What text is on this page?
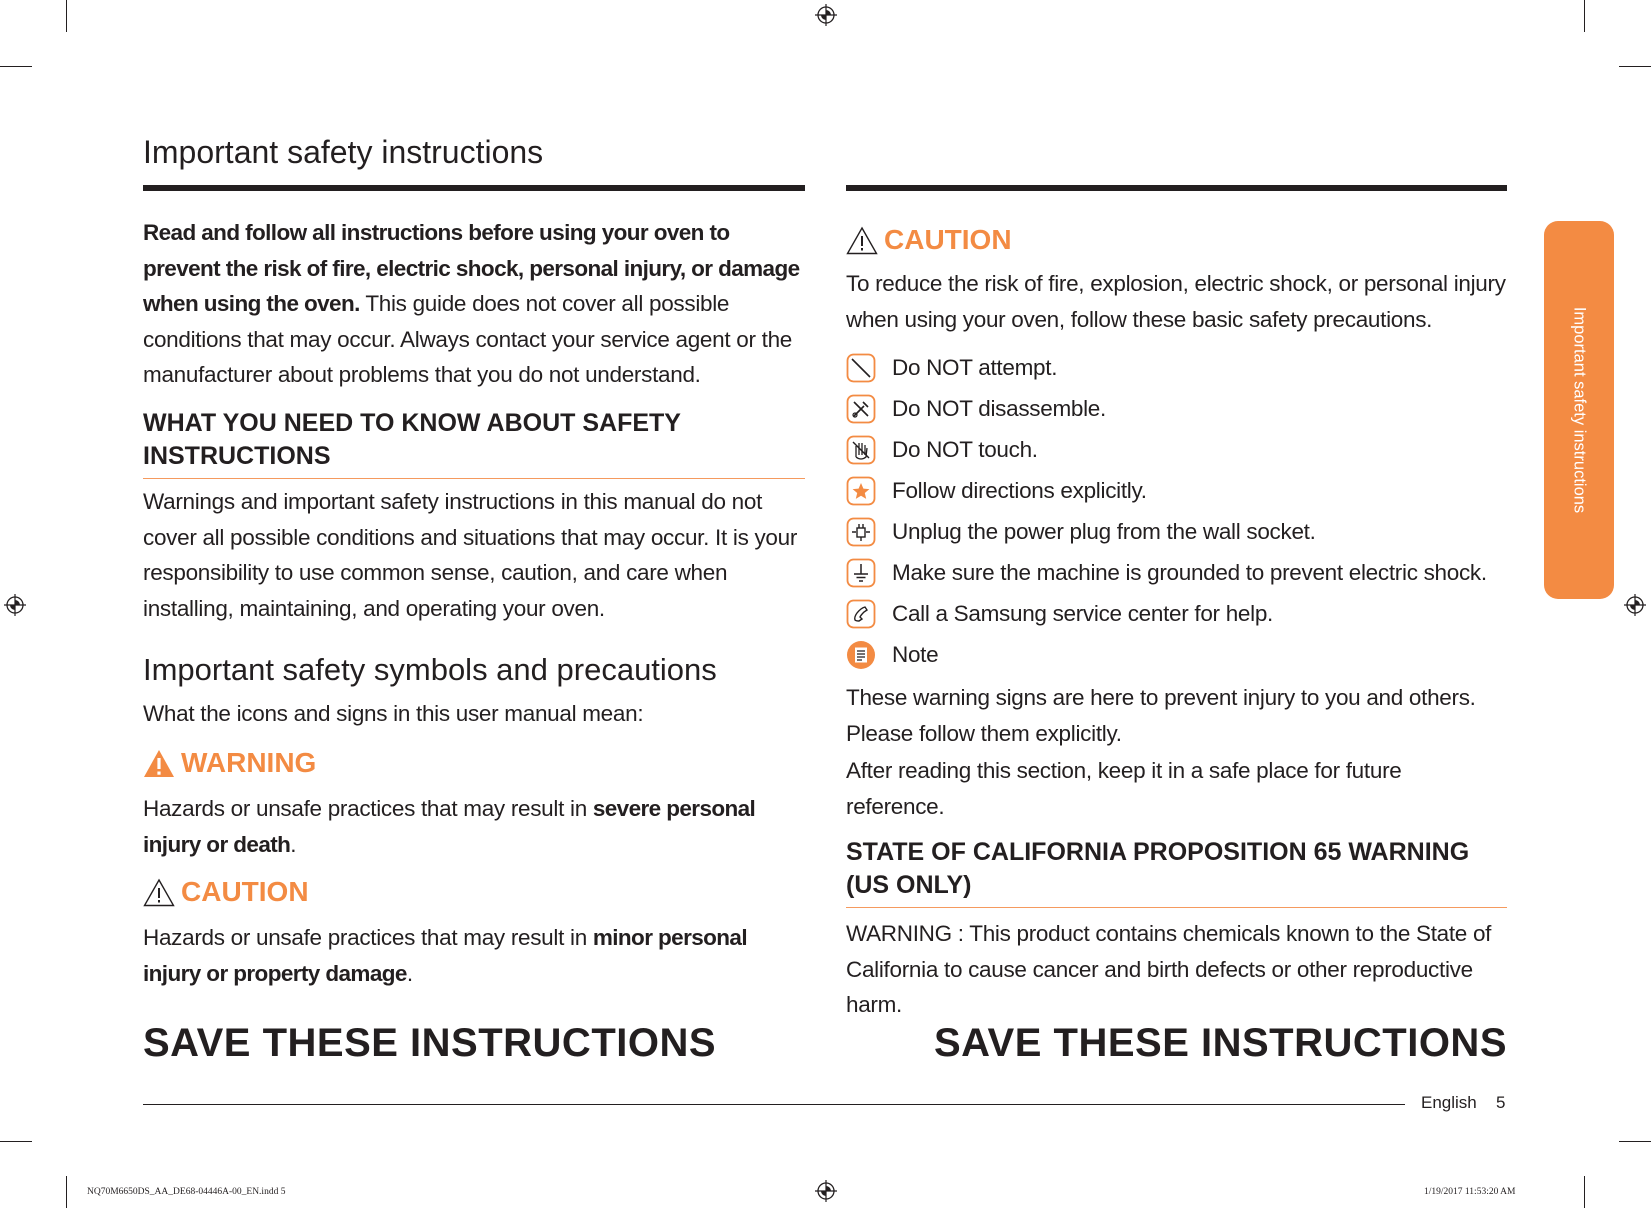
Important safety instructions
Read and follow all instructions before using your oven to prevent the risk of fire, electric shock, personal injury, or damage when using the oven. This guide does not cover all possible conditions that may occur. Always contact your service agent or the manufacturer about problems that you do not understand.
WHAT YOU NEED TO KNOW ABOUT SAFETY INSTRUCTIONS
Warnings and important safety instructions in this manual do not cover all possible conditions and situations that may occur. It is your responsibility to use common sense, caution, and care when installing, maintaining, and operating your oven.
Important safety symbols and precautions
What the icons and signs in this user manual mean:
WARNING
Hazards or unsafe practices that may result in severe personal injury or death.
CAUTION
Hazards or unsafe practices that may result in minor personal injury or property damage.
SAVE THESE INSTRUCTIONS
CAUTION
To reduce the risk of fire, explosion, electric shock, or personal injury when using your oven, follow these basic safety precautions.
Do NOT attempt.
Do NOT disassemble.
Do NOT touch.
Follow directions explicitly.
Unplug the power plug from the wall socket.
Make sure the machine is grounded to prevent electric shock.
Call a Samsung service center for help.
Note
These warning signs are here to prevent injury to you and others. Please follow them explicitly.
After reading this section, keep it in a safe place for future reference.
STATE OF CALIFORNIA PROPOSITION 65 WARNING (US ONLY)
WARNING : This product contains chemicals known to the State of California to cause cancer and birth defects or other reproductive harm.
SAVE THESE INSTRUCTIONS
English 5
Important safety instructions
NQ70M6650DS_AA_DE68-04446A-00_EN.indd 5	1/19/2017 11:53:20 AM
